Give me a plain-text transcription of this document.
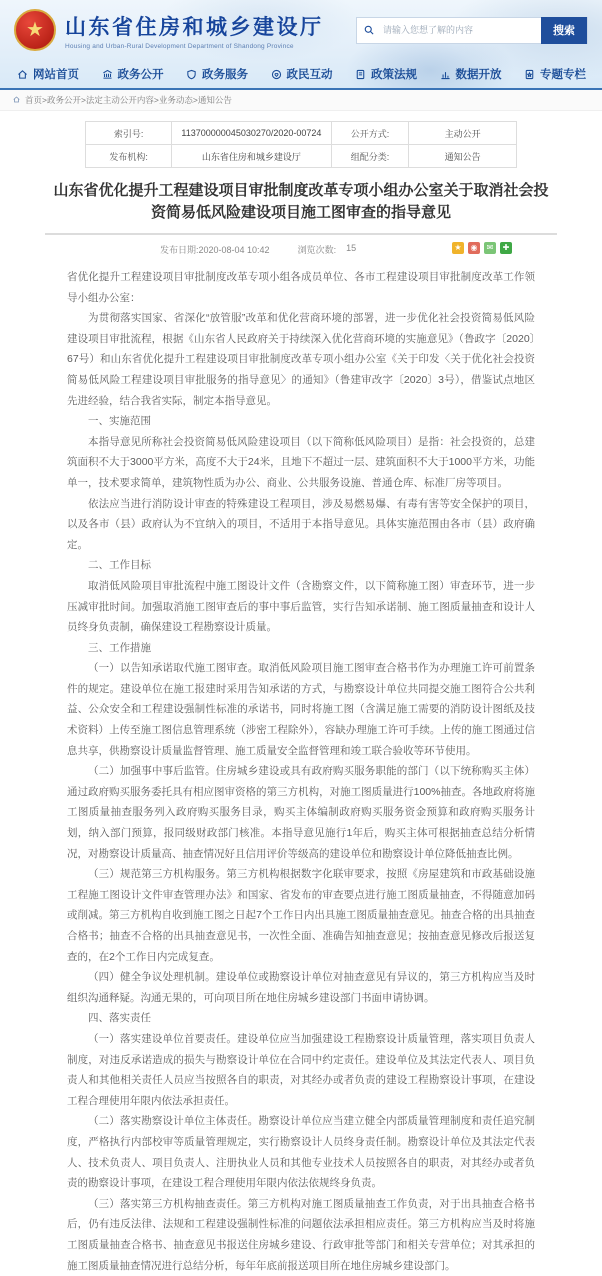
★	山东省住房和城乡建设厅
Housing and Urban-Rural Development Department of Shandong Province
请输入您想了解的内容
搜索
网站首页	政务公开	政务服务	政民互动	政策法规	数据开放	专题专栏
首页>政务公开>法定主动公开内容>业务动态>通知公告
索引号:	113700000045030270/2020-00724	公开方式:	主动公开
发布机构:	山东省住房和城乡建设厅	组配分类:	通知公告
山东省优化提升工程建设项目审批制度改革专项小组办公室关于取消社会投资简易低风险建设项目施工图审查的指导意见
发布日期:2020-08-04 10:42	浏览次数: 15	★	◉	✉	✚

省优化提升工程建设项目审批制度改革专项小组各成员单位、各市工程建设项目审批制度改革工作领导小组办公室：

为贯彻落实国家、省深化“放管服”改革和优化营商环境的部署，进一步优化社会投资简易低风险建设项目审批流程，根据《山东省人民政府关于持续深入优化营商环境的实施意见》（鲁政字〔2020〕67号）和山东省优化提升工程建设项目审批制度改革专项小组办公室《关于印发〈关于优化社会投资简易低风险工程建设项目审批服务的指导意见〉的通知》（鲁建审改字〔2020〕3号），借鉴试点地区先进经验，结合我省实际，制定本指导意见。

一、实施范围

本指导意见所称社会投资简易低风险建设项目（以下简称低风险项目）是指：社会投资的，总建筑面积不大于3000平方米，高度不大于24米，且地下不超过一层、建筑面积不大于1000平方米，功能单一，技术要求简单，建筑物性质为办公、商业、公共服务设施、普通仓库、标准厂房等项目。

依法应当进行消防设计审查的特殊建设工程项目，涉及易燃易爆、有毒有害等安全保护的项目，以及各市（县）政府认为不宜纳入的项目，不适用于本指导意见。具体实施范围由各市（县）政府确定。

二、工作目标

取消低风险项目审批流程中施工图设计文件（含勘察文件，以下简称施工图）审查环节，进一步压减审批时间。加强取消施工图审查后的事中事后监管，实行告知承诺制、施工图质量抽查和设计人员终身负责制，确保建设工程勘察设计质量。

三、工作措施

（一）以告知承诺取代施工图审查。取消低风险项目施工图审查合格书作为办理施工许可前置条件的规定。建设单位在施工报建时采用告知承诺的方式，与勘察设计单位共同提交施工图符合公共利益、公众安全和工程建设强制性标准的承诺书，同时将施工图（含满足施工需要的消防设计图纸及技术资料）上传至施工图信息管理系统（涉密工程除外），容缺办理施工许可手续。上传的施工图通过信息共享，供勘察设计质量监督管理、施工质量安全监督管理和竣工联合验收等环节使用。

（二）加强事中事后监管。住房城乡建设或具有政府购买服务职能的部门（以下统称购买主体）通过政府购买服务委托具有相应图审资格的第三方机构，对施工图质量进行100%抽查。各地政府将施工图质量抽查服务列入政府购买服务目录，购买主体编制政府购买服务资金预算和政府购买服务计划，纳入部门预算，报同级财政部门核准。本指导意见施行1年后，购买主体可根据抽查总结分析情况，对勘察设计质量高、抽查情况好且信用评价等级高的建设单位和勘察设计单位降低抽查比例。

（三）规范第三方机构服务。第三方机构根据数字化联审要求，按照《房屋建筑和市政基础设施工程施工图设计文件审查管理办法》和国家、省发布的审查要点进行施工图质量抽查，不得随意加码或削减。第三方机构自收到施工图之日起7个工作日内出具施工图质量抽查意见。抽查合格的出具抽查合格书；抽查不合格的出具抽查意见书，一次性全面、准确告知抽查意见；按抽查意见修改后报送复查的，在2个工作日内完成复查。

（四）健全争议处理机制。建设单位或勘察设计单位对抽查意见有异议的，第三方机构应当及时组织沟通释疑。沟通无果的，可向项目所在地住房城乡建设部门书面申请协调。

四、落实责任

（一）落实建设单位首要责任。建设单位应当加强建设工程勘察设计质量管理，落实项目负责人制度，对违反承诺造成的损失与勘察设计单位在合同中约定责任。建设单位及其法定代表人、项目负责人和其他相关责任人员应当按照各自的职责，对其经办或者负责的建设工程勘察设计事项，在建设工程合理使用年限内依法承担责任。

（二）落实勘察设计单位主体责任。勘察设计单位应当建立健全内部质量管理制度和责任追究制度，严格执行内部校审等质量管理规定，实行勘察设计人员终身责任制。勘察设计单位及其法定代表人、技术负责人、项目负责人、注册执业人员和其他专业技术人员按照各自的职责，对其经办或者负责的勘察设计事项，在建设工程合理使用年限内依法依规终身负责。

（三）落实第三方机构抽查责任。第三方机构对施工图质量抽查工作负责，对于出具抽查合格书后，仍有违反法律、法规和工程建设强制性标准的问题依法承担相应责任。第三方机构应当及时将施工图质量抽查合格书、抽查意见书报送住房城乡建设、行政审批等部门和相关专营单位；对其承担的施工图质量抽查情况进行总结分析，每年年底前报送项目所在地住房城乡建设部门。
